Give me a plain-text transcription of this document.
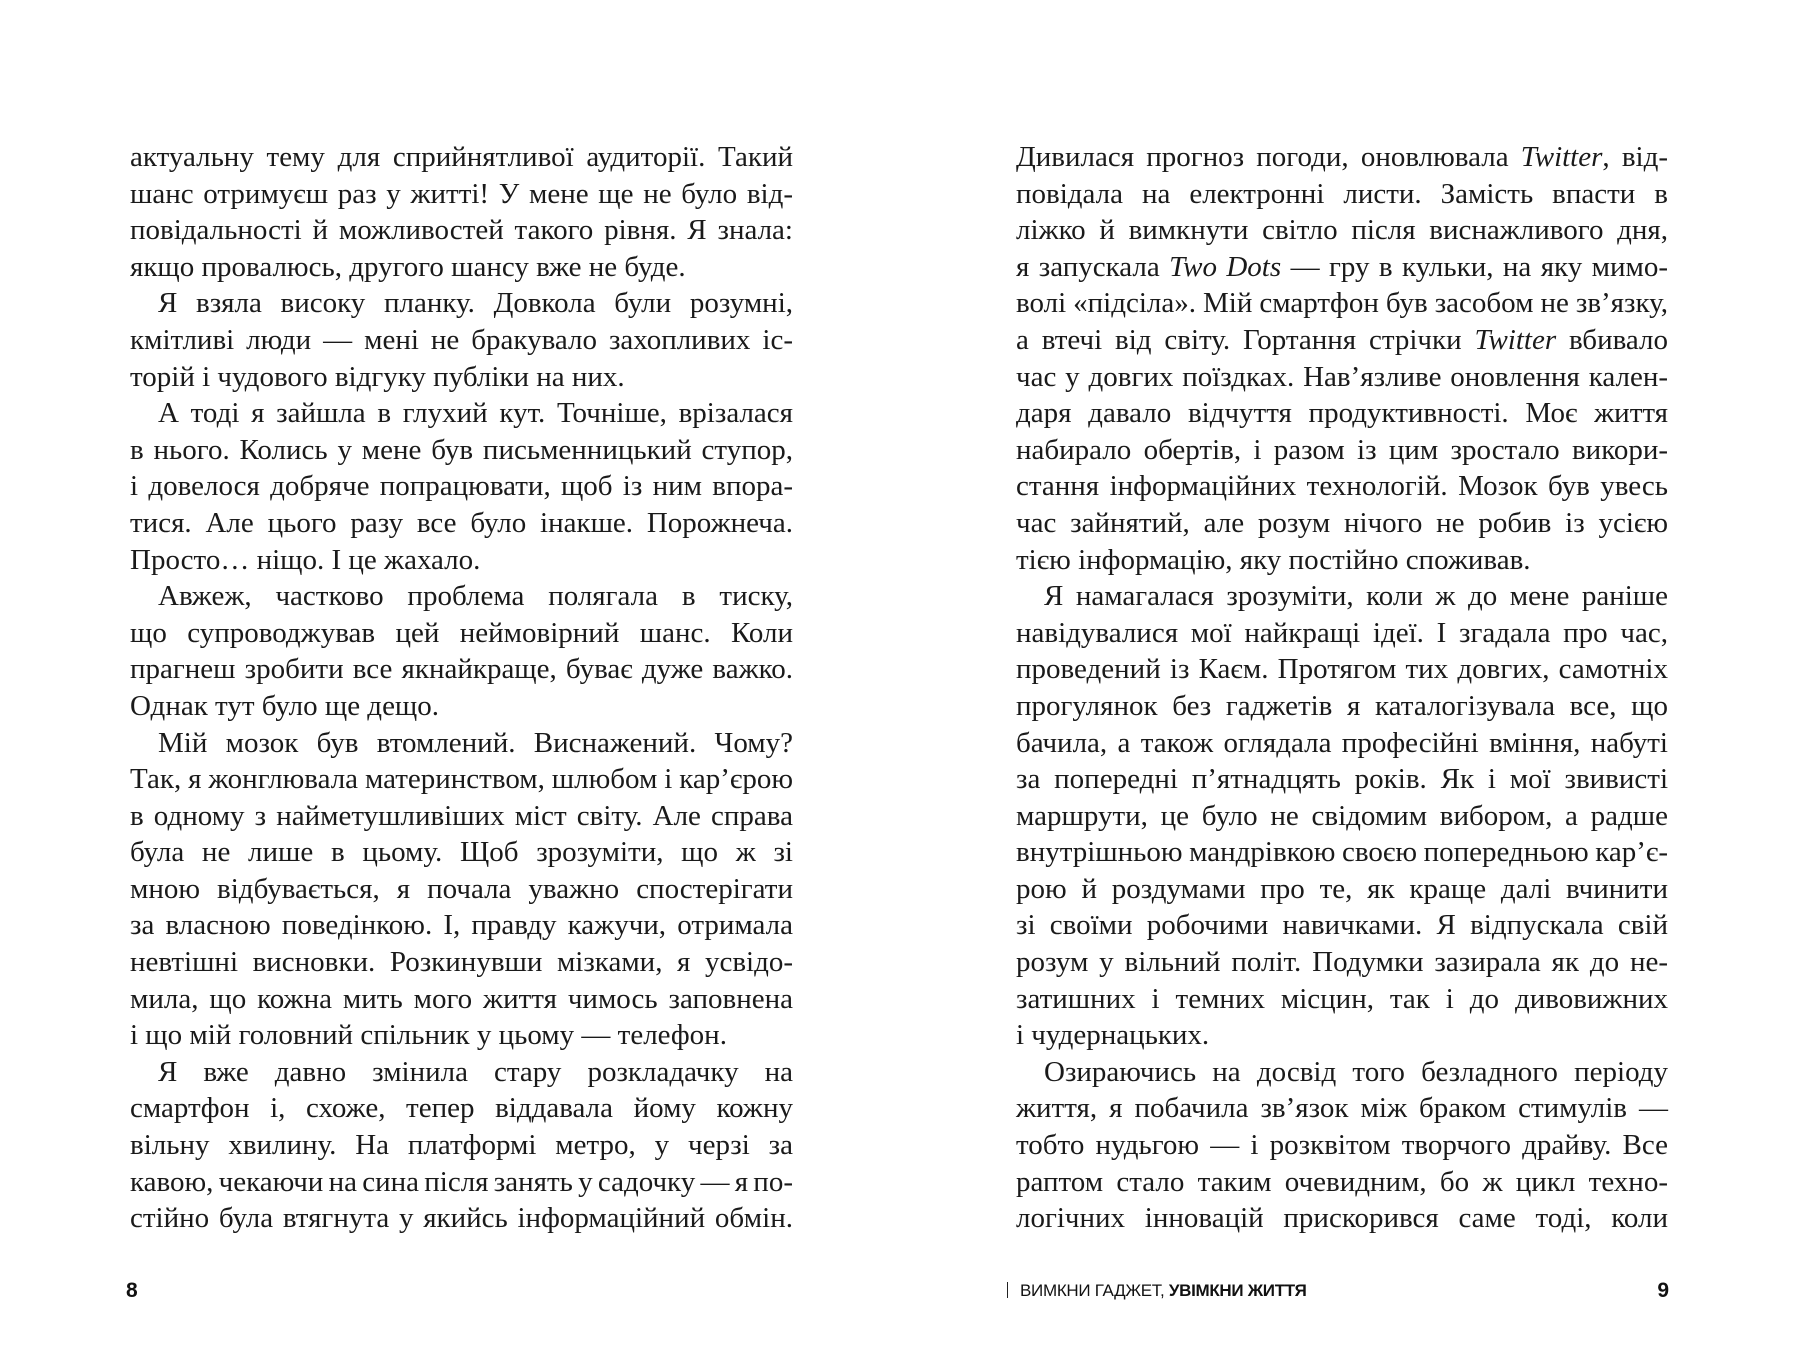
актуальну тему для сприйнятливої аудиторії. Такий
шанс отримуєш раз у житті! У мене ще не було від-
повідальності й можливостей такого рівня. Я знала:
якщо провалюсь, другого шансу вже не буде.
Я взяла високу планку. Довкола були розумні,
кмітливі люди — мені не бракувало захопливих іс-
торій і чудового відгуку публіки на них.
А тоді я зайшла в глухий кут. Точніше, врізалася
в нього. Колись у мене був письменницький ступор,
і довелося добряче попрацювати, щоб із ним впора-
тися. Але цього разу все було інакше. Порожнеча.
Просто… ніщо. І це жахало.
Авжеж, частково проблема полягала в тиску,
що супроводжував цей неймовірний шанс. Коли
прагнеш зробити все якнайкраще, буває дуже важко.
Однак тут було ще дещо.
Мій мозок був втомлений. Виснажений. Чому?
Так, я жонглювала материнством, шлюбом і кар’єрою
в одному з найметушливіших міст світу. Але справа
була не лише в цьому. Щоб зрозуміти, що ж зі
мною відбувається, я почала уважно спостерігати
за власною поведінкою. І, правду кажучи, отримала
невтішні висновки. Розкинувши мізками, я усвідо-
мила, що кожна мить мого життя чимось заповнена
і що мій головний спільник у цьому — телефон.
Я вже давно змінила стару розкладачку на
смартфон і, схоже, тепер віддавала йому кожну
вільну хвилину. На платформі метро, у черзі за
кавою, чекаючи на сина після занять у садочку — я по-
стійно була втягнута у якийсь інформаційний обмін.
8
Дивилася прогноз погоди, оновлювала Twitter, від-
повідала на електронні листи. Замість впасти в
ліжко й вимкнути світло після виснажливого дня,
я запускала Two Dots — гру в кульки, на яку мимо-
волі «підсіла». Мій смартфон був засобом не зв’язку,
а втечі від світу. Гортання стрічки Twitter вбивало
час у довгих поїздках. Нав’язливе оновлення кален-
даря давало відчуття продуктивності. Моє життя
набирало обертів, і разом із цим зростало викори-
стання інформаційних технологій. Мозок був увесь
час зайнятий, але розум нічого не робив із усією
тією інформацію, яку постійно споживав.
Я намагалася зрозуміти, коли ж до мене раніше
навідувалися мої найкращі ідеї. І згадала про час,
проведений із Каєм. Протягом тих довгих, самотніх
прогулянок без гаджетів я каталогізувала все, що
бачила, а також оглядала професійні вміння, набуті
за попередні п’ятнадцять років. Як і мої звивисті
маршрути, це було не свідомим вибором, а радше
внутрішньою мандрівкою своєю попередньою кар’є-
рою й роздумами про те, як краще далі вчинити
зі своїми робочими навичками. Я відпускала свій
розум у вільний політ. Подумки зазирала як до не-
затишних і темних місцин, так і до дивовижних
і чудернацьких.
Озираючись на досвід того безладного періоду
життя, я побачила зв’язок між браком стимулів —
тобто нудьгою — і розквітом творчого драйву. Все
раптом стало таким очевидним, бо ж цикл техно-
логічних інновацій прискорився саме тоді, коли
ВИМКНИ ГАДЖЕТ, УВІМКНИ ЖИТТЯ	9
